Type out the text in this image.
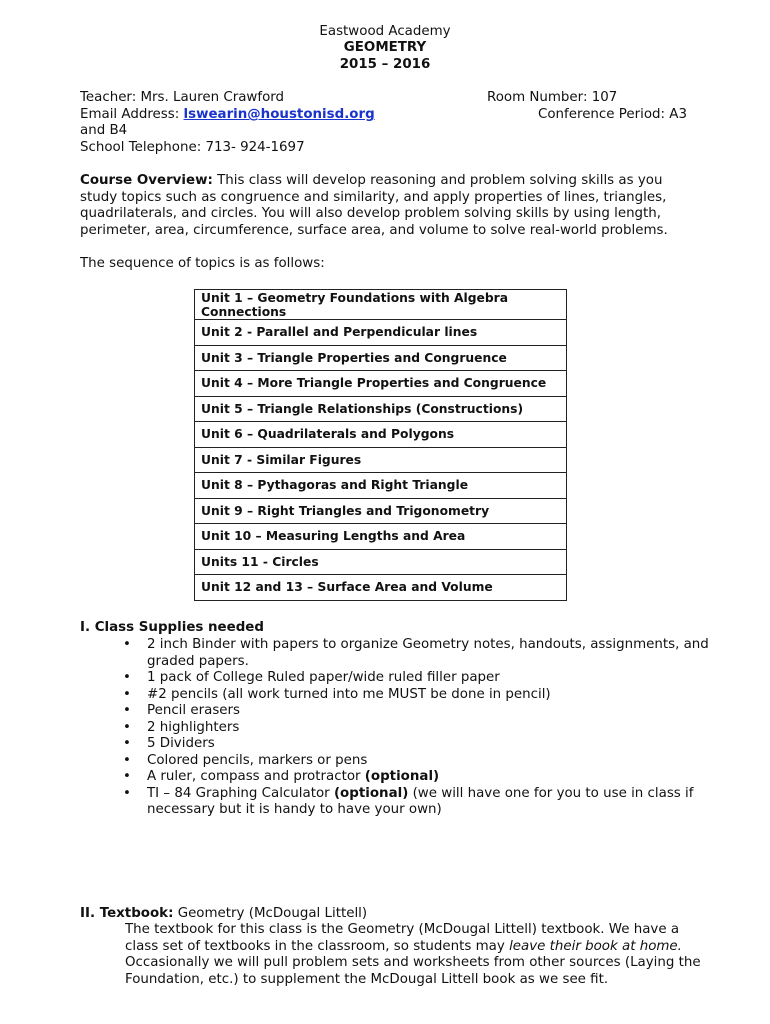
Eastwood Academy
GEOMETRY
2015 – 2016
Teacher: Mrs. Lauren Crawford	Room Number: 107
Email Address: lswearin@houstonisd.org	Conference Period: A3
and B4
School Telephone: 713- 924-1697
Course Overview: This class will develop reasoning and problem solving skills as you study topics such as congruence and similarity, and apply properties of lines, triangles, quadrilaterals, and circles. You will also develop problem solving skills by using length, perimeter, area, circumference, surface area, and volume to solve real-world problems.
The sequence of topics is as follows:
Unit 1 – Geometry Foundations with Algebra Connections
Unit 2 - Parallel and Perpendicular lines
Unit 3 – Triangle Properties and Congruence
Unit 4 – More Triangle Properties and Congruence
Unit 5 – Triangle Relationships (Constructions)
Unit 6 – Quadrilaterals and Polygons
Unit 7 - Similar Figures
Unit 8 – Pythagoras and Right Triangle
Unit 9 – Right Triangles and Trigonometry
Unit 10 – Measuring Lengths and Area
Units 11 - Circles
Unit 12 and 13 – Surface Area and Volume
I. Class Supplies needed
• 2 inch Binder with papers to organize Geometry notes, handouts, assignments, and graded papers.
• 1 pack of College Ruled paper/wide ruled filler paper
• #2 pencils (all work turned into me MUST be done in pencil)
• Pencil erasers
• 2 highlighters
• 5 Dividers
• Colored pencils, markers or pens
• A ruler, compass and protractor (optional)
• TI – 84 Graphing Calculator (optional) (we will have one for you to use in class if necessary but it is handy to have your own)
II. Textbook: Geometry (McDougal Littell)
The textbook for this class is the Geometry (McDougal Littell) textbook. We have a class set of textbooks in the classroom, so students may leave their book at home. Occasionally we will pull problem sets and worksheets from other sources (Laying the Foundation, etc.) to supplement the McDougal Littell book as we see fit.
